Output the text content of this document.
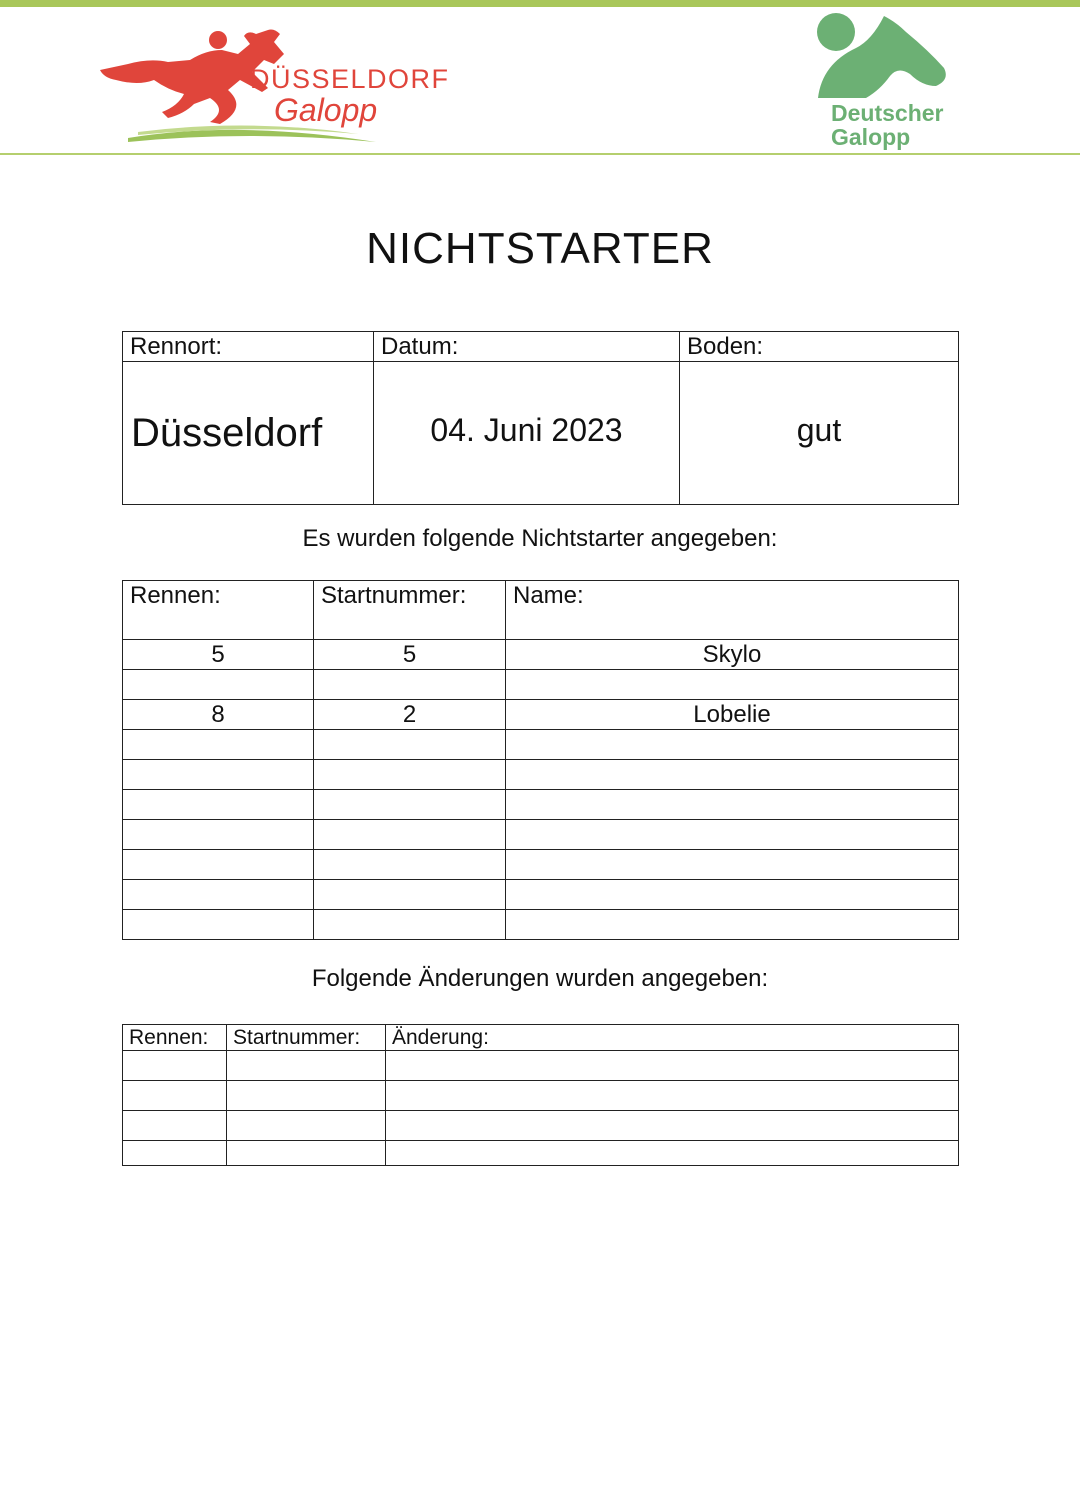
DÜSSELDORF
Galopp	Deutscher
Galopp
NICHTSTARTER
Rennort:	Datum:	Boden:
Düsseldorf	04. Juni 2023	gut
Es wurden folgende Nichtstarter angegeben:
Rennen:	Startnummer:	Name:
5	5	Skylo

8	2	Lobelie

Folgende Änderungen wurden angegeben:
Rennen:	Startnummer:	Änderung:
